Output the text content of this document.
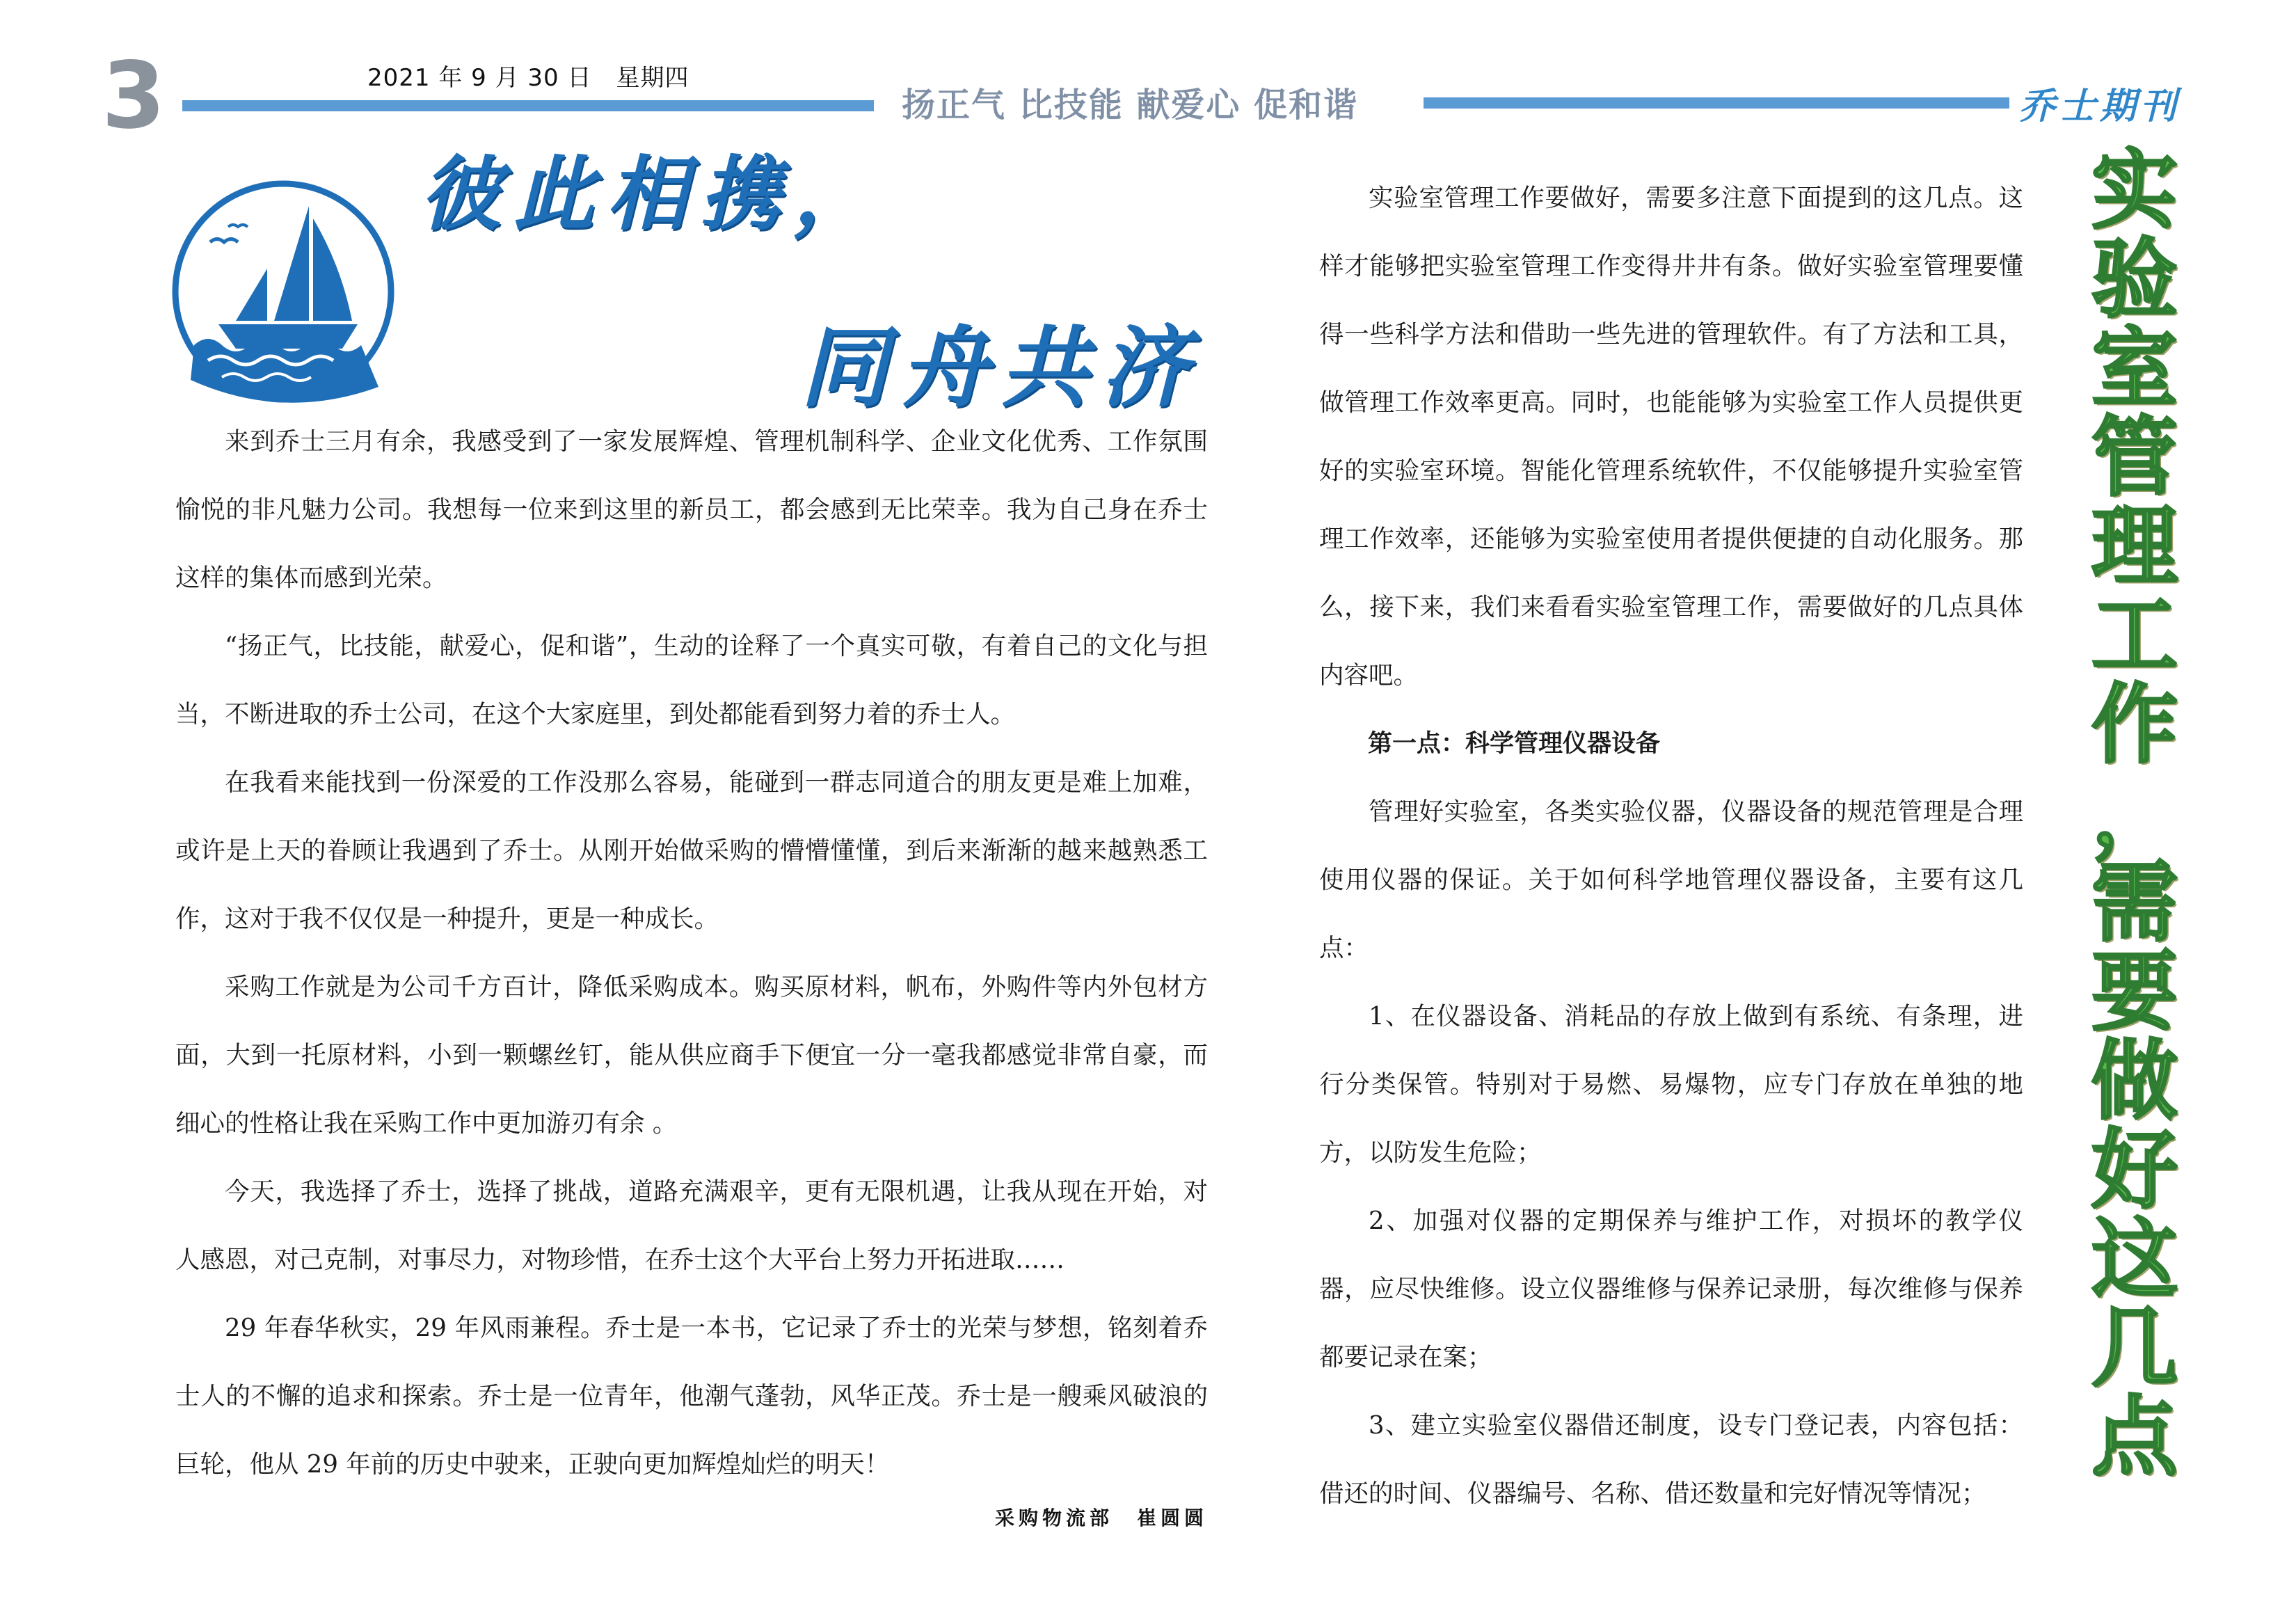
3	2021 年 9 月 30 日　星期四
扬正气 比技能 献爱心 促和谐	乔士期刊
彼此相携，
同舟共济

来到乔士三月有余，我感受到了一家发展辉煌、管理机制科学、企业文化优秀、工作氛围愉悦的非凡魅力公司。我想每一位来到这里的新员工，都会感到无比荣幸。我为自己身在乔士这样的集体而感到光荣。

“扬正气，比技能，献爱心，促和谐”，生动的诠释了一个真实可敬，有着自己的文化与担当，不断进取的乔士公司，在这个大家庭里，到处都能看到努力着的乔士人。

在我看来能找到一份深爱的工作没那么容易，能碰到一群志同道合的朋友更是难上加难，或许是上天的眷顾让我遇到了乔士。从刚开始做采购的懵懵懂懂，到后来渐渐的越来越熟悉工作，这对于我不仅仅是一种提升，更是一种成长。

采购工作就是为公司千方百计，降低采购成本。购买原材料，帆布，外购件等内外包材方面，大到一托原材料，小到一颗螺丝钉，能从供应商手下便宜一分一毫我都感觉非常自豪，而细心的性格让我在采购工作中更加游刃有余 。

今天，我选择了乔士，选择了挑战，道路充满艰辛，更有无限机遇，让我从现在开始，对人感恩，对己克制，对事尽力，对物珍惜，在乔士这个大平台上努力开拓进取……

29 年春华秋实，29 年风雨兼程。乔士是一本书，它记录了乔士的光荣与梦想，铭刻着乔士人的不懈的追求和探索。乔士是一位青年，他潮气蓬勃，风华正茂。乔士是一艘乘风破浪的巨轮，他从 29 年前的历史中驶来，正驶向更加辉煌灿烂的明天！

采购物流部　崔圆圆

实验室管理工作要做好，需要多注意下面提到的这几点。这样才能够把实验室管理工作变得井井有条。做好实验室管理要懂得一些科学方法和借助一些先进的管理软件。有了方法和工具，做管理工作效率更高。同时，也能能够为实验室工作人员提供更好的实验室环境。智能化管理系统软件，不仅能够提升实验室管理工作效率，还能够为实验室使用者提供便捷的自动化服务。那么，接下来，我们来看看实验室管理工作，需要做好的几点具体内容吧。

第一点：科学管理仪器设备

管理好实验室，各类实验仪器，仪器设备的规范管理是合理使用仪器的保证。关于如何科学地管理仪器设备，主要有这几点：

1、在仪器设备、消耗品的存放上做到有系统、有条理，进行分类保管。特别对于易燃、易爆物，应专门存放在单独的地方，以防发生危险；

2、加强对仪器的定期保养与维护工作，对损坏的教学仪器，应尽快维修。设立仪器维修与保养记录册，每次维修与保养都要记录在案；

3、建立实验室仪器借还制度，设专门登记表，内容包括：借还的时间、仪器编号、名称、借还数量和完好情况等情况；

实
验
室
管
理
工
作
，
需
要
做
好
这
几
点
